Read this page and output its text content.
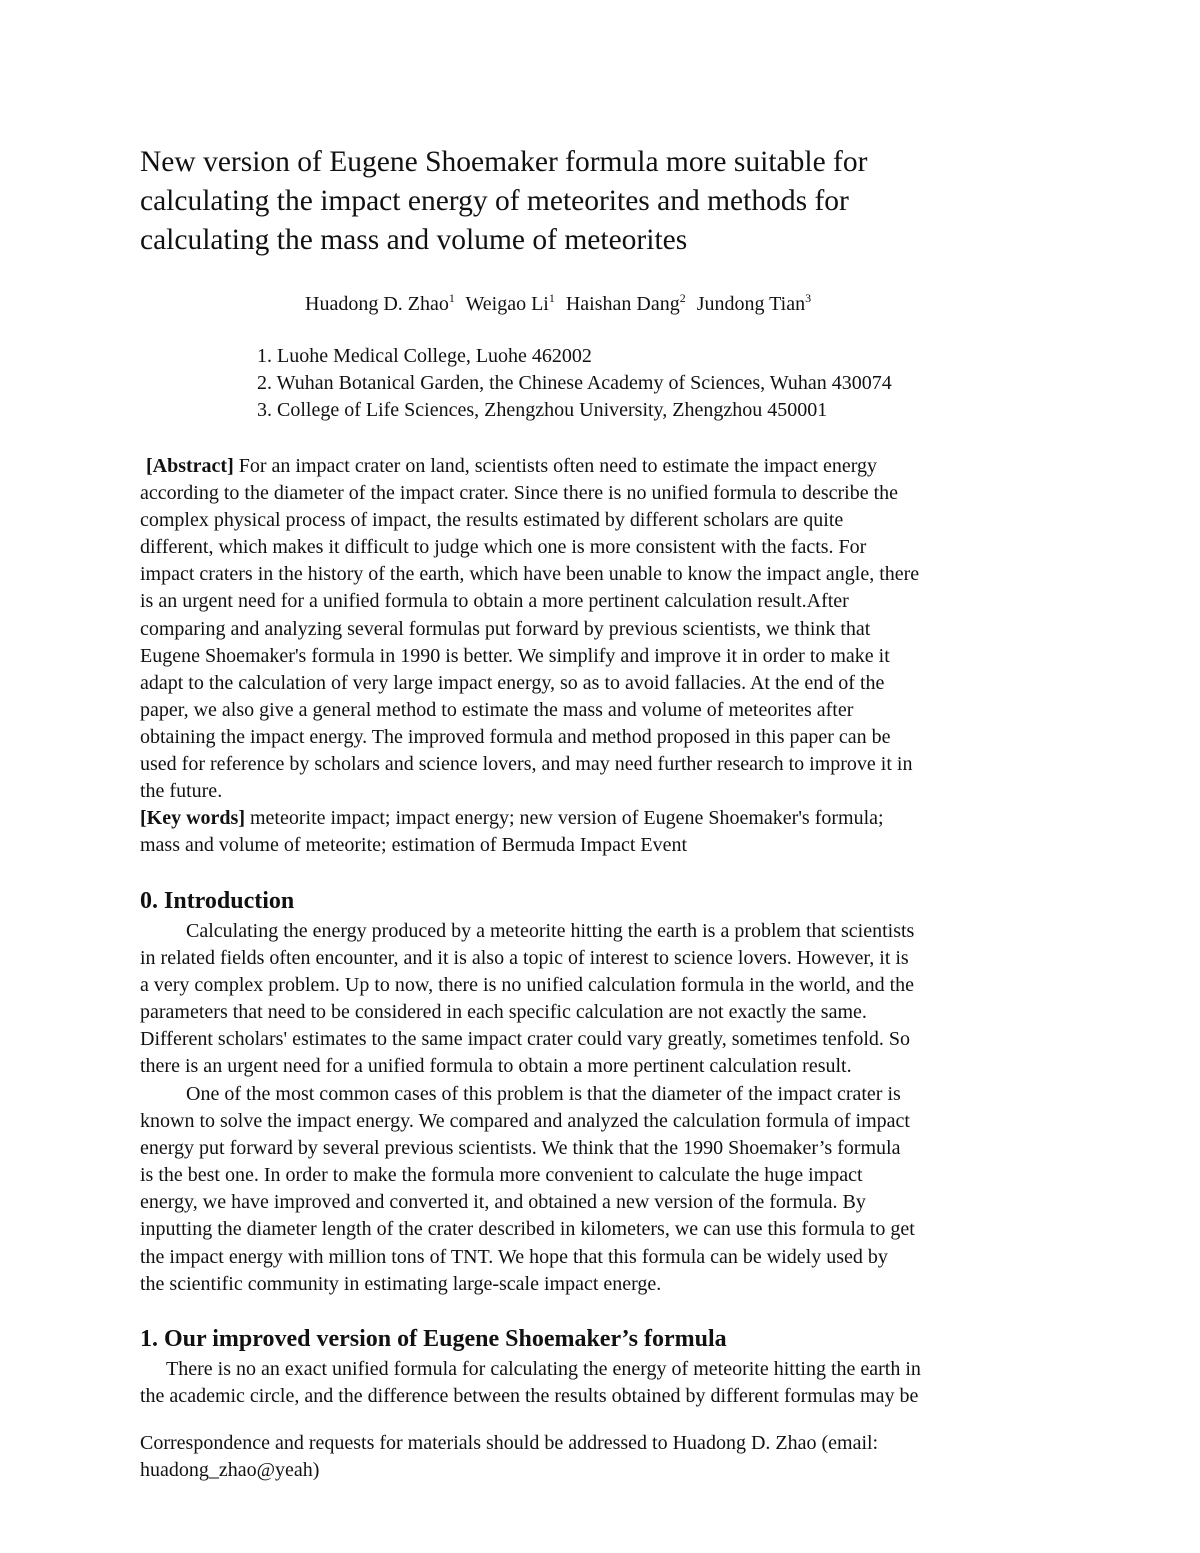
New version of Eugene Shoemaker formula more suitable for
calculating the impact energy of meteorites and methods for
calculating the mass and volume of meteorites
Huadong D. Zhao$^1$ Weigao Li$^1$ Haishan Dang$^2$ Jundong Tian$^3$
1. Luohe Medical College, Luohe 462002
2. Wuhan Botanical Garden, the Chinese Academy of Sciences, Wuhan 430074
3. College of Life Sciences, Zhengzhou University, Zhengzhou 450001
[Abstract] For an impact crater on land, scientists often need to estimate the impact energy
according to the diameter of the impact crater. Since there is no unified formula to describe the
complex physical process of impact, the results estimated by different scholars are quite
different, which makes it difficult to judge which one is more consistent with the facts. For
impact craters in the history of the earth, which have been unable to know the impact angle, there
is an urgent need for a unified formula to obtain a more pertinent calculation result.After
comparing and analyzing several formulas put forward by previous scientists, we think that
Eugene Shoemaker's formula in 1990 is better. We simplify and improve it in order to make it
adapt to the calculation of very large impact energy, so as to avoid fallacies. At the end of the
paper, we also give a general method to estimate the mass and volume of meteorites after
obtaining the impact energy. The improved formula and method proposed in this paper can be
used for reference by scholars and science lovers, and may need further research to improve it in
the future.
[Key words] meteorite impact; impact energy; new version of Eugene Shoemaker's formula;
mass and volume of meteorite; estimation of Bermuda Impact Event
0. Introduction
Calculating the energy produced by a meteorite hitting the earth is a problem that scientists
in related fields often encounter, and it is also a topic of interest to science lovers. However, it is
a very complex problem. Up to now, there is no unified calculation formula in the world, and the
parameters that need to be considered in each specific calculation are not exactly the same.
Different scholars' estimates to the same impact crater could vary greatly, sometimes tenfold. So
there is an urgent need for a unified formula to obtain a more pertinent calculation result.
One of the most common cases of this problem is that the diameter of the impact crater is
known to solve the impact energy. We compared and analyzed the calculation formula of impact
energy put forward by several previous scientists. We think that the 1990 Shoemaker’s formula
is the best one. In order to make the formula more convenient to calculate the huge impact
energy, we have improved and converted it, and obtained a new version of the formula. By
inputting the diameter length of the crater described in kilometers, we can use this formula to get
the impact energy with million tons of TNT. We hope that this formula can be widely used by
the scientific community in estimating large-scale impact energe.
1. Our improved version of Eugene Shoemaker’s formula
There is no an exact unified formula for calculating the energy of meteorite hitting the earth in
the academic circle, and the difference between the results obtained by different formulas may be
Correspondence and requests for materials should be addressed to Huadong D. Zhao (email:
huadong_zhao@yeah)
